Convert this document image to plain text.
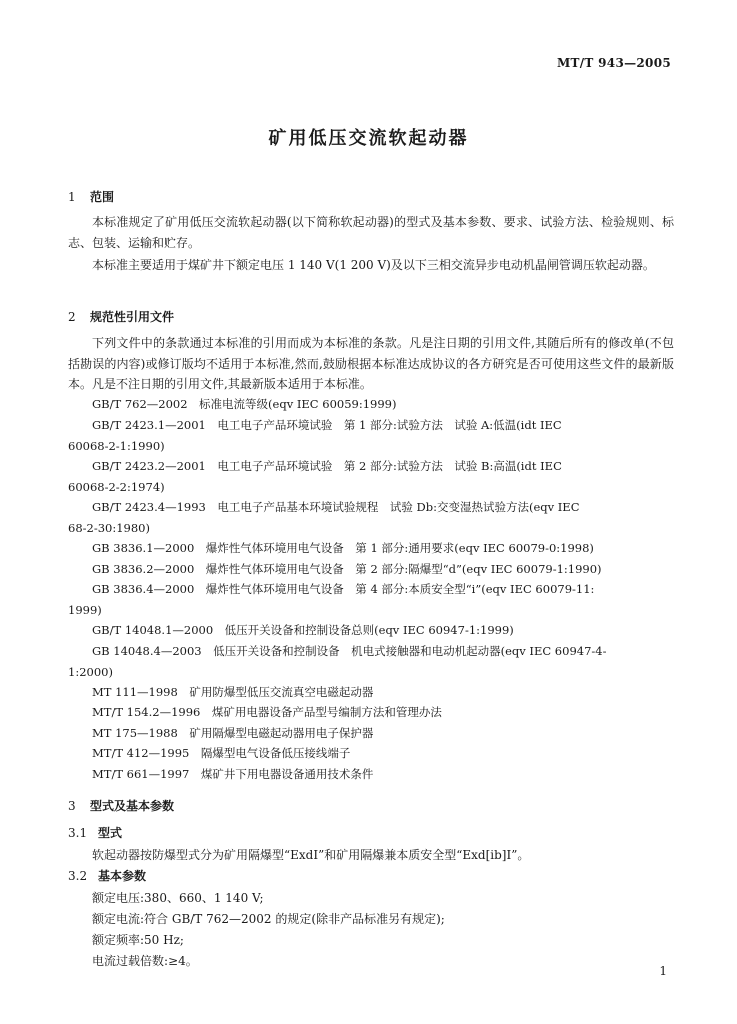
MT/T 943—2005
矿用低压交流软起动器
1 范围

本标准规定了矿用低压交流软起动器(以下简称软起动器)的型式及基本参数、要求、试验方法、检验规则、标志、包装、运输和贮存。

本标准主要适用于煤矿井下额定电压 1 140 V(1 200 V)及以下三相交流异步电动机晶闸管调压软起动器。

2 规范性引用文件

下列文件中的条款通过本标准的引用而成为本标准的条款。凡是注日期的引用文件,其随后所有的修改单(不包括勘误的内容)或修订版均不适用于本标准,然而,鼓励根据本标准达成协议的各方研究是否可使用这些文件的最新版本。凡是不注日期的引用文件,其最新版本适用于本标准。

GB/T 762—2002　标准电流等级(eqv IEC 60059:1999)

GB/T 2423.1—2001　电工电子产品环境试验　第 1 部分:试验方法　试验 A:低温(idt IEC
60068-2-1:1990)

GB/T 2423.2—2001　电工电子产品环境试验　第 2 部分:试验方法　试验 B:高温(idt IEC
60068-2-2:1974)

GB/T 2423.4—1993　电工电子产品基本环境试验规程　试验 Db:交变湿热试验方法(eqv IEC
68-2-30:1980)

GB 3836.1—2000　爆炸性气体环境用电气设备　第 1 部分:通用要求(eqv IEC 60079-0:1998)

GB 3836.2—2000　爆炸性气体环境用电气设备　第 2 部分:隔爆型“d”(eqv IEC 60079-1:1990)

GB 3836.4—2000　爆炸性气体环境用电气设备　第 4 部分:本质安全型“i”(eqv IEC 60079-11:
1999)

GB/T 14048.1—2000　低压开关设备和控制设备总则(eqv IEC 60947-1:1999)

GB 14048.4—2003　低压开关设备和控制设备　机电式接触器和电动机起动器(eqv IEC 60947-4-
1:2000)

MT 111—1998　矿用防爆型低压交流真空电磁起动器

MT/T 154.2—1996　煤矿用电器设备产品型号编制方法和管理办法

MT 175—1988　矿用隔爆型电磁起动器用电子保护器

MT/T 412—1995　隔爆型电气设备低压接线端子

MT/T 661—1997　煤矿井下用电器设备通用技术条件

3 型式及基本参数
3.1 型式
软起动器按防爆型式分为矿用隔爆型“ExdI”和矿用隔爆兼本质安全型“Exd[ib]I”。
3.2 基本参数
额定电压:380、660、1 140 V;
额定电流:符合 GB/T 762—2002 的规定(除非产品标准另有规定);
额定频率:50 Hz;
电流过载倍数:≥4。
1
